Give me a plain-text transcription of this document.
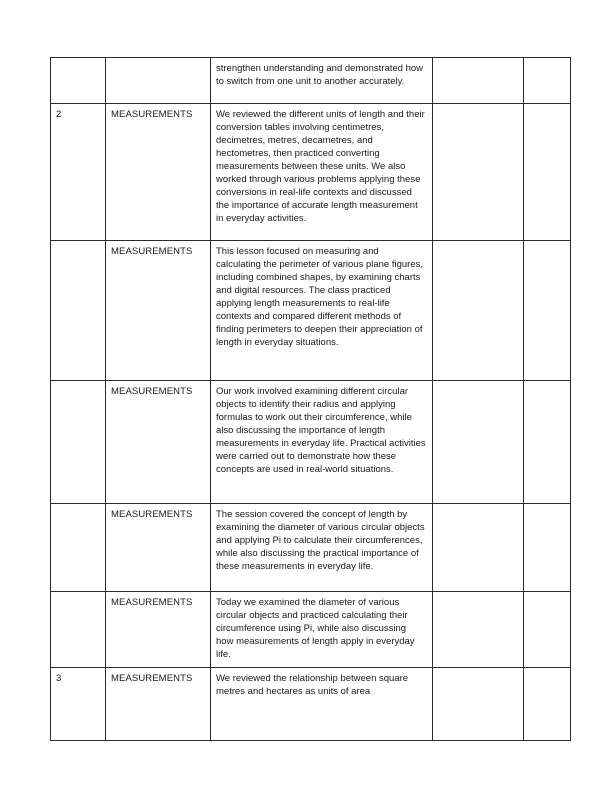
		strengthen understanding and demonstrated how to switch from one unit to another accurately.		
2	MEASUREMENTS	We reviewed the different units of length and their conversion tables involving centimetres, decimetres, metres, decametres, and hectometres, then practiced converting measurements between these units. We also worked through various problems applying these conversions in real-life contexts and discussed the importance of accurate length measurement in everyday activities.		
	MEASUREMENTS	This lesson focused on measuring and calculating the perimeter of various plane figures, including combined shapes, by examining charts and digital resources. The class practiced applying length measurements to real-life contexts and compared different methods of finding perimeters to deepen their appreciation of length in everyday situations.		
	MEASUREMENTS	Our work involved examining different circular objects to identify their radius and applying formulas to work out their circumference, while also discussing the importance of length measurements in everyday life. Practical activities were carried out to demonstrate how these concepts are used in real-world situations.		
	MEASUREMENTS	The session covered the concept of length by examining the diameter of various circular objects and applying Pi to calculate their circumferences, while also discussing the practical importance of these measurements in everyday life.		
	MEASUREMENTS	Today we examined the diameter of various circular objects and practiced calculating their circumference using Pi, while also discussing how measurements of length apply in everyday life.		
3	MEASUREMENTS	We reviewed the relationship between square metres and hectares as units of area		
